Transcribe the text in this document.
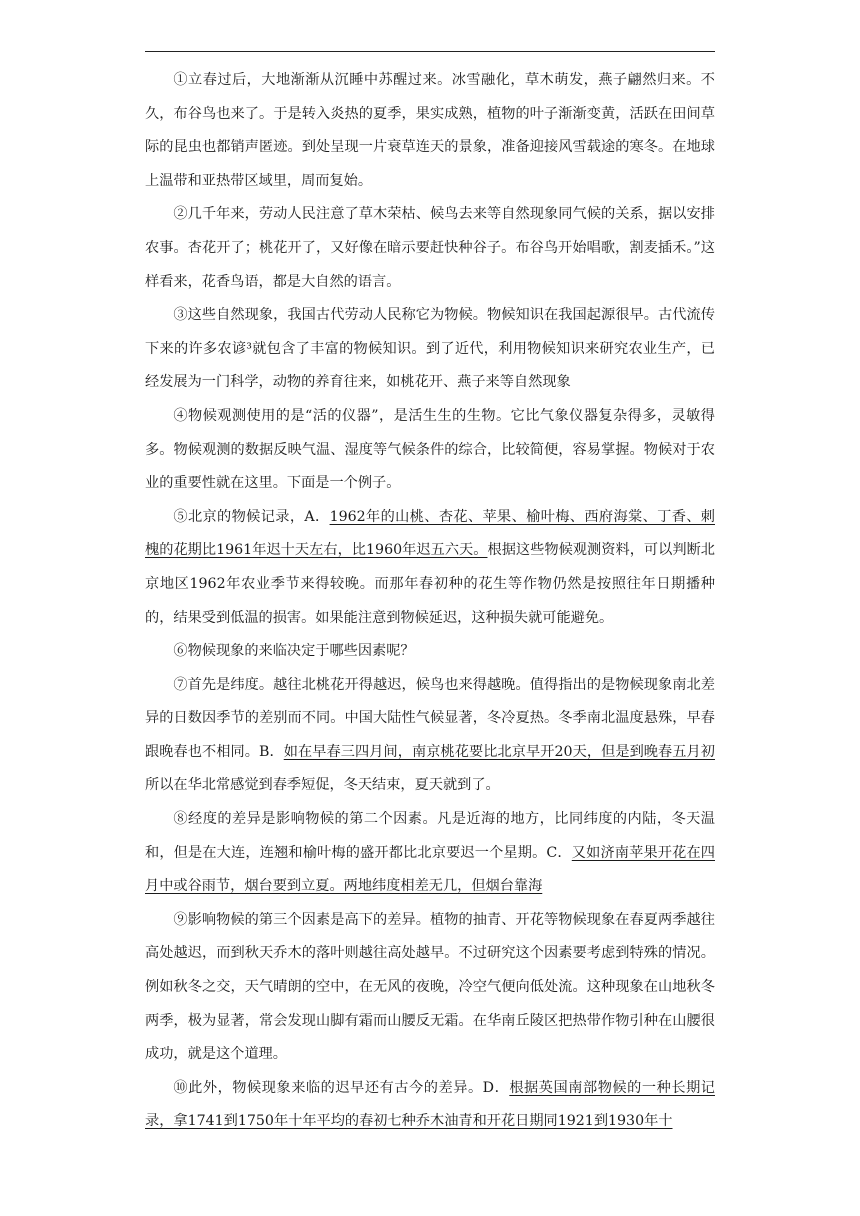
①立春过后，大地渐渐从沉睡中苏醒过来。冰雪融化，草木萌发，燕子翩然归来。不久，布谷鸟也来了。于是转入炎热的夏季，果实成熟，植物的叶子渐渐变黄，活跃在田间草际的昆虫也都销声匿迹。到处呈现一片衰草连天的景象，准备迎接风雪载途的寒冬。在地球上温带和亚热带区域里，周而复始。

②几千年来，劳动人民注意了草木荣枯、候鸟去来等自然现象同气候的关系，据以安排农事。杏花开了；桃花开了，又好像在暗示要赶快种谷子。布谷鸟开始唱歌，割麦插禾。”这样看来，花香鸟语，都是大自然的语言。

③这些自然现象，我国古代劳动人民称它为物候。物候知识在我国起源很早。古代流传下来的许多农谚³就包含了丰富的物候知识。到了近代，利用物候知识来研究农业生产，已经发展为一门科学，动物的养育往来，如桃花开、燕子来等自然现象

④物候观测使用的是“活的仪器”，是活生生的生物。它比气象仪器复杂得多，灵敏得多。物候观测的数据反映气温、湿度等气候条件的综合，比较简便，容易掌握。物候对于农业的重要性就在这里。下面是一个例子。

⑤北京的物候记录，A．1962年的山桃、杏花、苹果、榆叶梅、西府海棠、丁香、刺槐的花期比1961年迟十天左右，比1960年迟五六天。根据这些物候观测资料，可以判断北京地区1962年农业季节来得较晚。而那年春初种的花生等作物仍然是按照往年日期播种的，结果受到低温的损害。如果能注意到物候延迟，这种损失就可能避免。

⑥物候现象的来临决定于哪些因素呢？

⑦首先是纬度。越往北桃花开得越迟，候鸟也来得越晚。值得指出的是物候现象南北差异的日数因季节的差别而不同。中国大陆性气候显著，冬冷夏热。冬季南北温度悬殊，早春跟晚春也不相同。B．如在早春三四月间，南京桃花要比北京早开20天，但是到晚春五月初所以在华北常感觉到春季短促，冬天结束，夏天就到了。

⑧经度的差异是影响物候的第二个因素。凡是近海的地方，比同纬度的内陆，冬天温和，但是在大连，连翘和榆叶梅的盛开都比北京要迟一个星期。C．又如济南苹果开花在四月中或谷雨节，烟台要到立夏。两地纬度相差无几，但烟台靠海

⑨影响物候的第三个因素是高下的差异。植物的抽青、开花等物候现象在春夏两季越往高处越迟，而到秋天乔木的落叶则越往高处越早。不过研究这个因素要考虑到特殊的情况。例如秋冬之交，天气晴朗的空中，在无风的夜晚，冷空气便向低处流。这种现象在山地秋冬两季，极为显著，常会发现山脚有霜而山腰反无霜。在华南丘陵区把热带作物引种在山腰很成功，就是这个道理。

⑩此外，物候现象来临的迟早还有古今的差异。D．根据英国南部物候的一种长期记录，拿1741到1750年十年平均的春初七种乔木油青和开花日期同1921到1930年十
